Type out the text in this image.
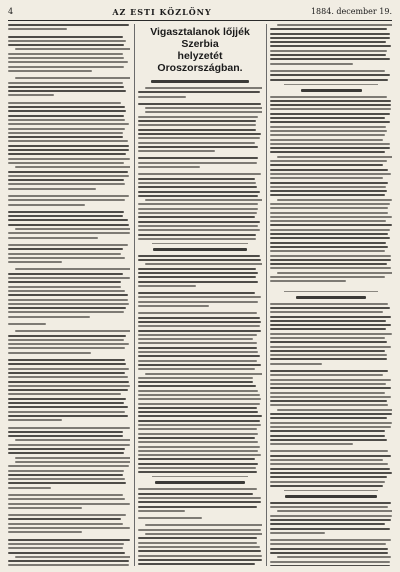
4	AZ ESTI KÖZLÖNY	1884. december 19.
Vigasztalanok lőjjék Szerbia
helyzetét Oroszországban.
